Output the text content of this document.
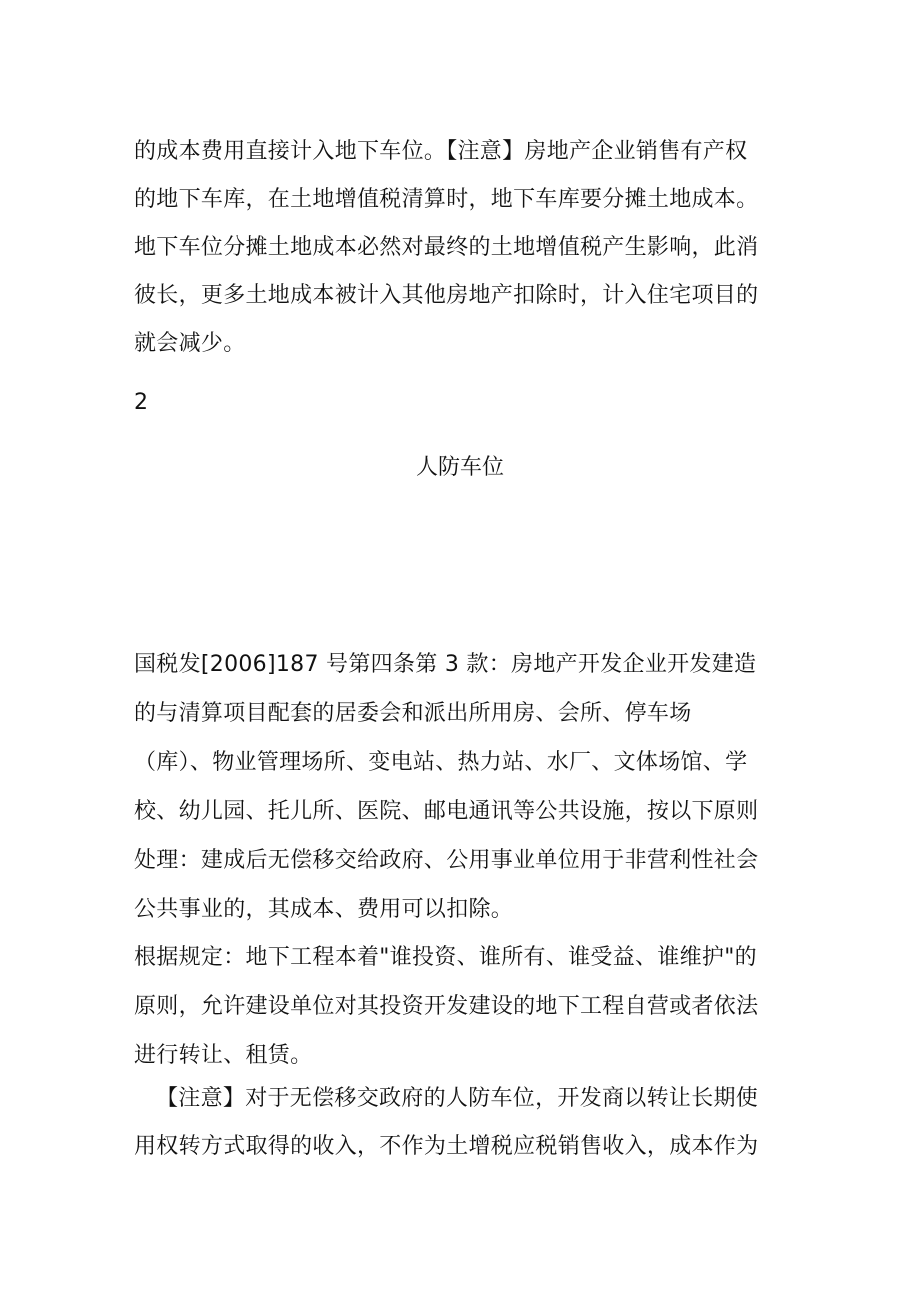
的成本费用直接计入地下车位。【注意】房地产企业销售有产权
的地下车库，在土地增值税清算时，地下车库要分摊土地成本。
地下车位分摊土地成本必然对最终的土地增值税产生影响，此消
彼长，更多土地成本被计入其他房地产扣除时，计入住宅项目的
就会减少。
2
人防车位
国税发[2006]187 号第四条第 3 款：房地产开发企业开发建造
的与清算项目配套的居委会和派出所用房、会所、停车场
（库）、物业管理场所、变电站、热力站、水厂、文体场馆、学
校、幼儿园、托儿所、医院、邮电通讯等公共设施，按以下原则
处理：建成后无偿移交给政府、公用事业单位用于非营利性社会
公共事业的，其成本、费用可以扣除。
根据规定：地下工程本着"谁投资、谁所有、谁受益、谁维护"的
原则，允许建设单位对其投资开发建设的地下工程自营或者依法
进行转让、租赁。
【注意】对于无偿移交政府的人防车位，开发商以转让长期使
用权转方式取得的收入，不作为土增税应税销售收入，成本作为
